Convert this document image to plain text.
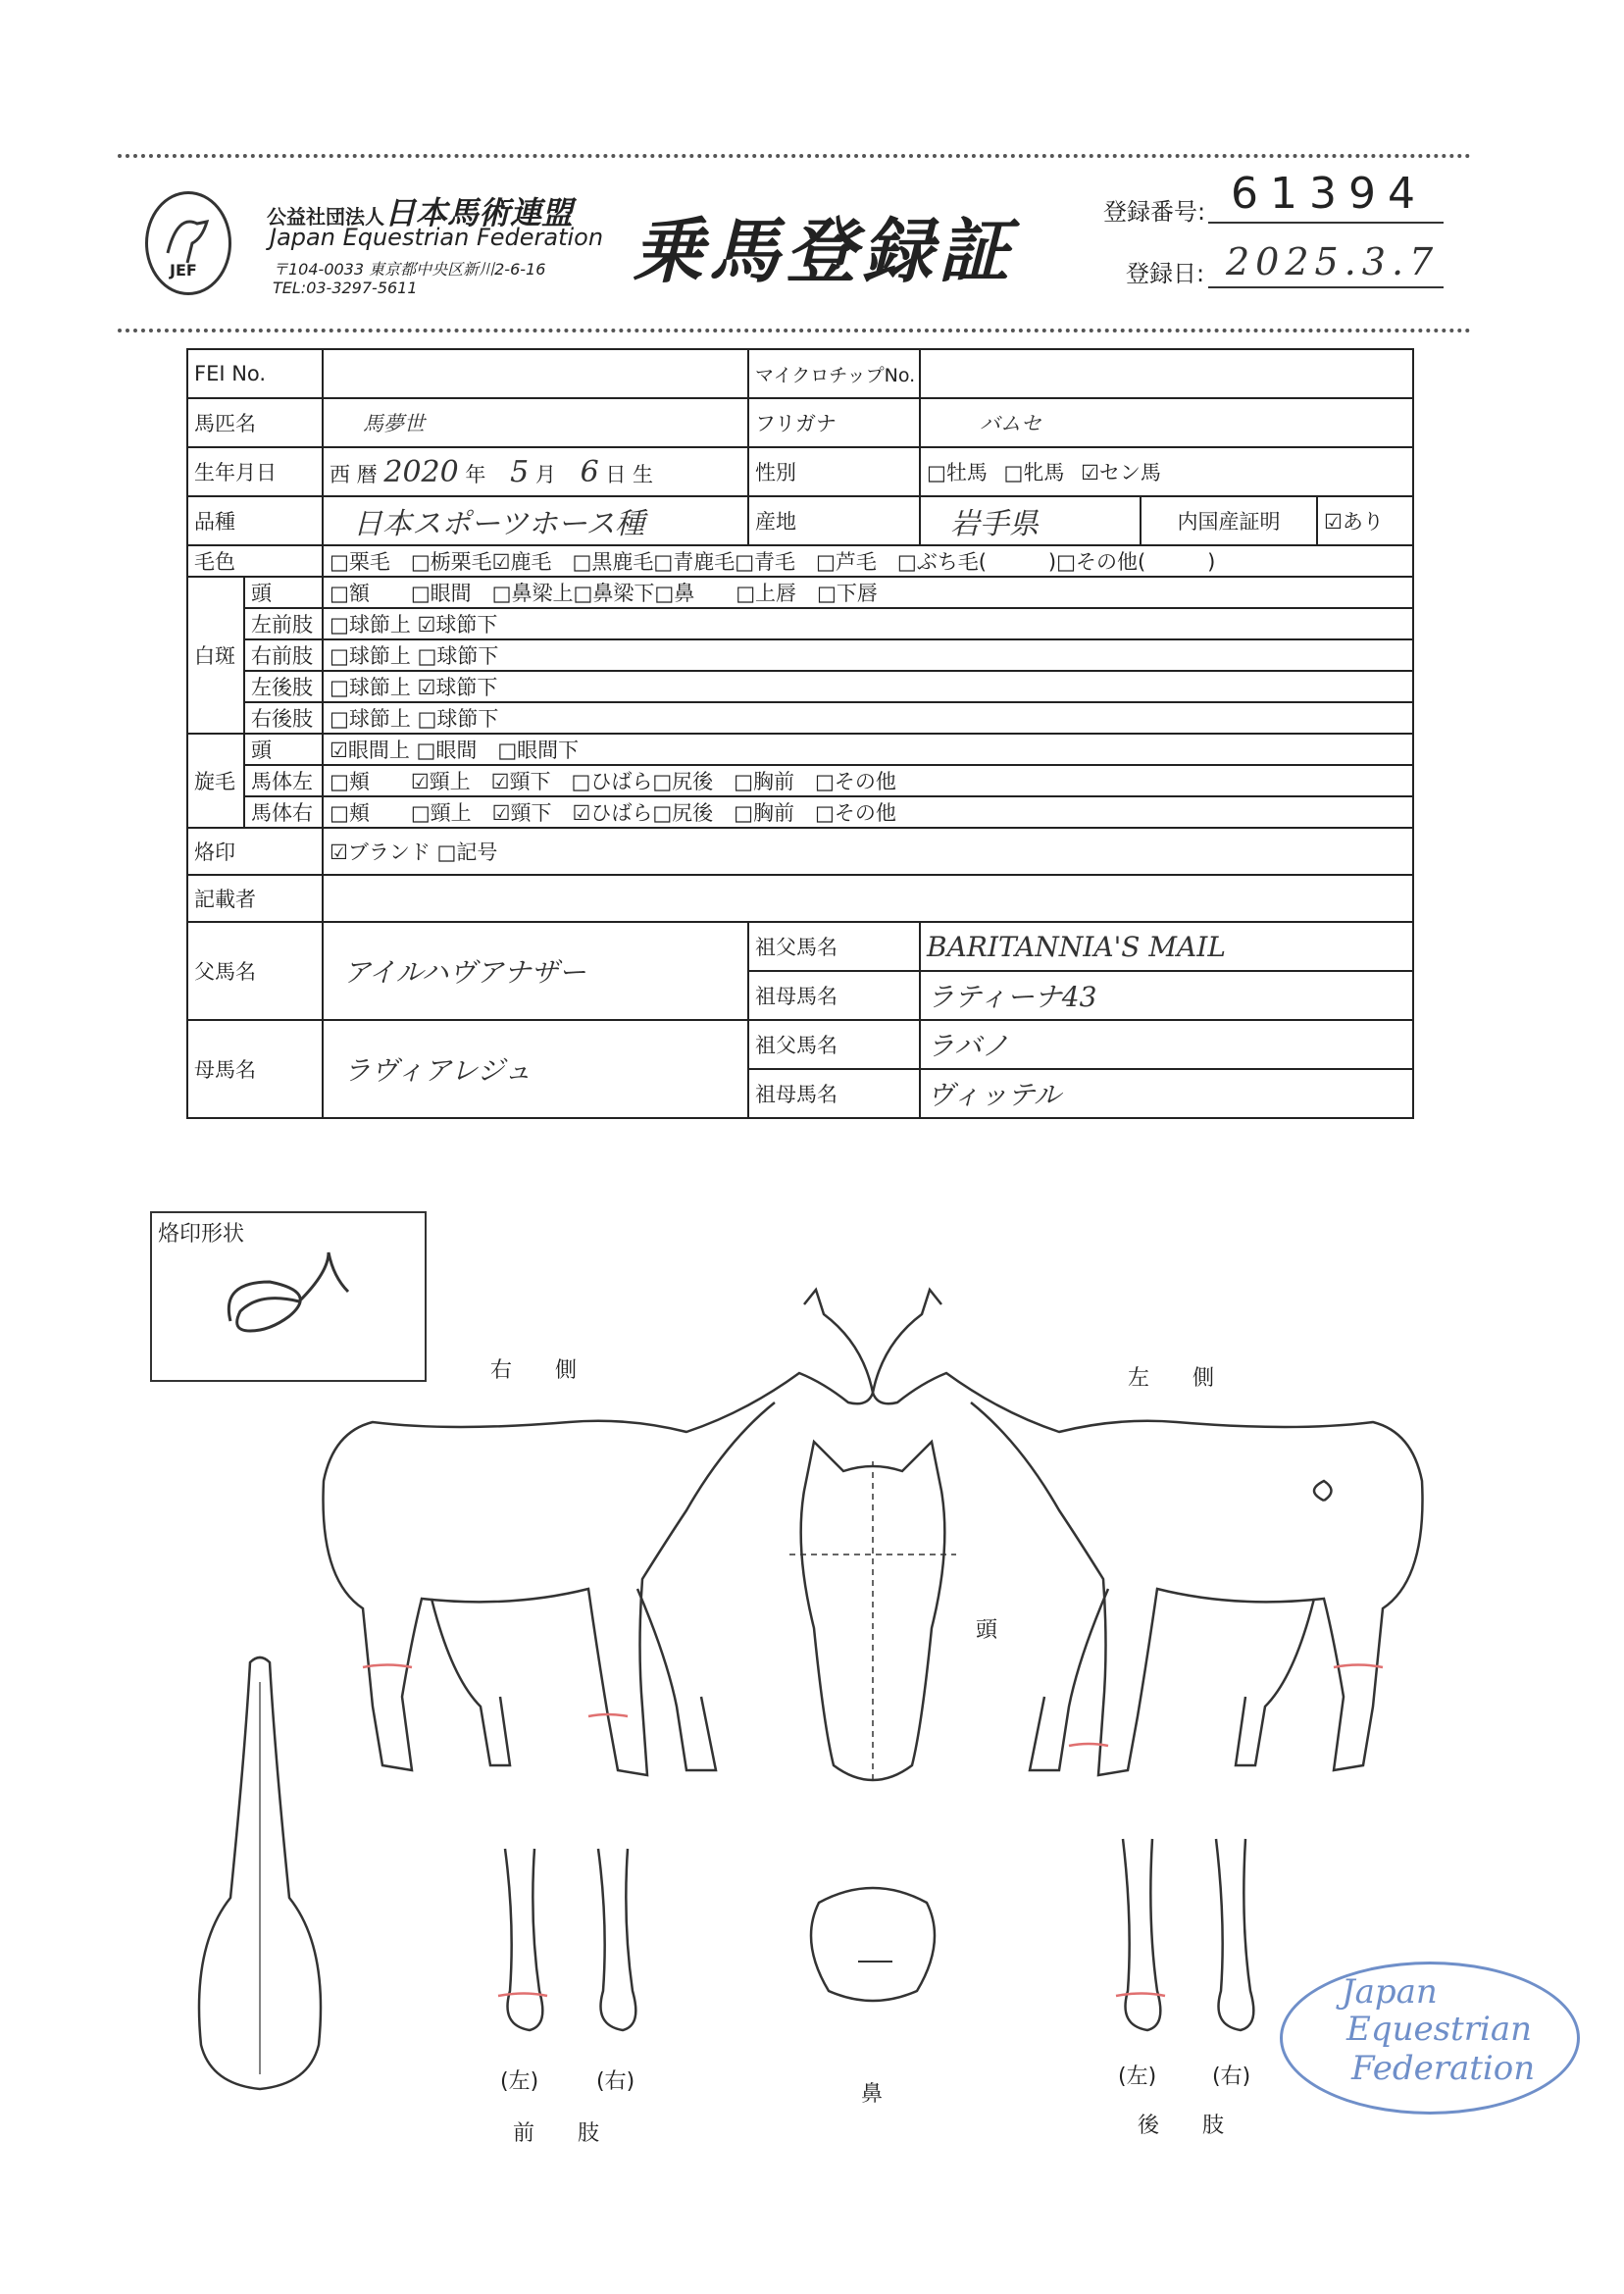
JEF
公益社団法人日本馬術連盟
Japan Equestrian Federation
〒104-0033 東京都中央区新川2-6-16
TEL:03-3297-5611	乗馬登録証	登録番号: 61394
登録日: 2025.3.7
FEI No.			マイクロチップNo.			
馬匹名		馬夢世	フリガナ	バムセ		
生年月日		西 暦 2020 年 5 月 6 日 生	性別	□牡馬 □牝馬 ☑セン馬		
品種		日本スポーツホース種	産地	岩手県	内国産証明	☑あり
毛色		□栗毛　□栃栗毛☑鹿毛　□黒鹿毛□青鹿毛□青毛　□芦毛　□ぶち毛(　　　)□その他(　　　)				
白斑	頭	□額　　□眼間　□鼻梁上□鼻梁下□鼻　　□上唇　□下唇				
	左前肢	□球節上 ☑球節下				
	右前肢	□球節上 □球節下				
	左後肢	□球節上 ☑球節下				
	右後肢	□球節上 □球節下				
旋毛	頭	☑眼間上 □眼間　□眼間下				
	馬体左	□頬　　☑頸上　☑頸下　□ひばら□尻後　□胸前　□その他				
	馬体右	□頬　　□頸上　☑頸下　☑ひばら□尻後　□胸前　□その他				
烙印		☑ブランド □記号				
記載者						
父馬名		アイルハヴアナザー	祖父馬名	BARITANNIA'S MAIL		
			祖母馬名	ラティーナ43		
母馬名		ラヴィアレジュ	祖父馬名	ラバノ		
			祖母馬名	ヴィッテル		
烙印形状
右　　側	左　　側
頭
(左)	(右)
前　　肢
鼻
(左)	(右)
後　　肢
Japan
Equestrian
Federation
